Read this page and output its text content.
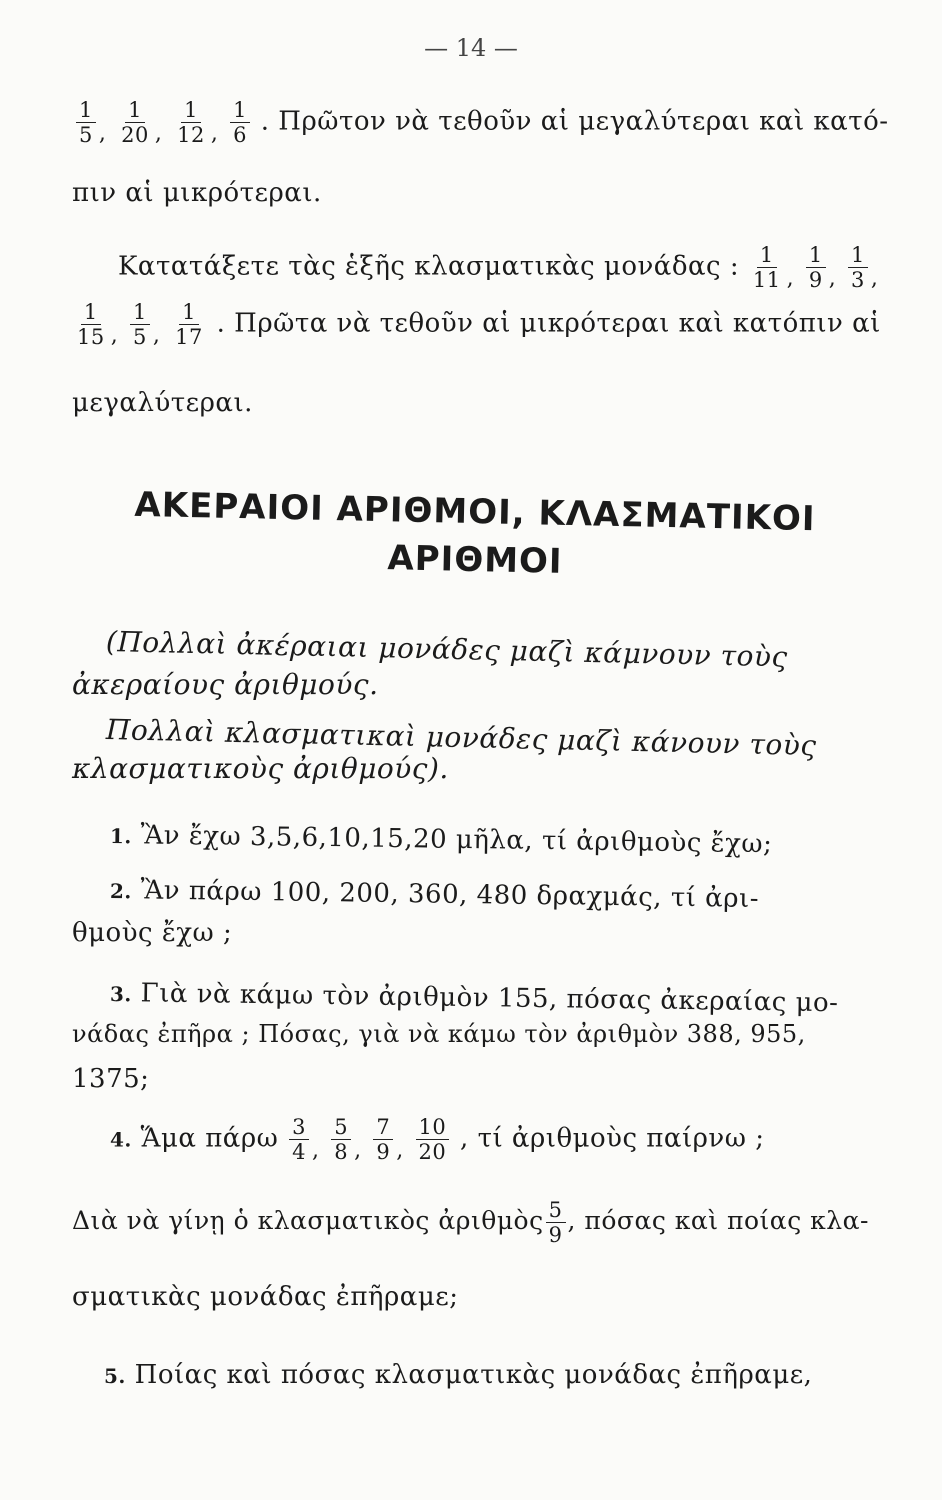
— 14 —
$\frac{1}{5} _, \frac{1}{20} _, \frac{1}{12} _, \frac{1}{6}$ . Πρῶτον νὰ τεθοῦν αἱ μεγαλύτεραι καὶ κατό-
πιν αἱ μικρότεραι.
Κατατάξετε τὰς ἑξῆς κλασματικὰς μονάδας : $\frac{1}{11} _, \frac{1}{9} _, \frac{1}{3} _,$
$\frac{1}{15} _, \frac{1}{5} _, \frac{1}{17}$ . Πρῶτα νὰ τεθοῦν αἱ μικρότεραι καὶ κατόπιν αἱ
μεγαλύτεραι.
ΑΚΕΡΑΙΟΙ ΑΡΙΘΜΟΙ, ΚΛΑΣΜΑΤΙΚΟΙ
ΑΡΙΘΜΟΙ
(Πολλαὶ ἀκέραιαι μονάδες μαζὶ κάμνουν τοὺς
ἀκεραίους ἀριθμούς.
Πολλαὶ κλασματικαὶ μονάδες μαζὶ κάνουν τοὺς
κλασματικοὺς ἀριθμούς).
1. Ἂν ἔχω 3,5,6,10,15,20 μῆλα, τί ἀριθμοὺς ἔχω;
2. Ἂν πάρω 100, 200, 360, 480 δραχμάς, τί ἀρι-
θμοὺς ἔχω ;
3. Γιὰ νὰ κάμω τὸν ἀριθμὸν 155, πόσας ἀκεραίας μο-
νάδας ἐπῆρα ; Πόσας, γιὰ νὰ κάμω τὸν ἀριθμὸν 388, 955,
1375;
4. Ἅμα πάρω $\frac{3}{4} _, \frac{5}{8} _, \frac{7}{9} _, \frac{10}{20}$ , τί ἀριθμοὺς παίρνω ;
Διὰ νὰ γίνῃ ὁ κλασματικὸς ἀριθμὸς $\frac{5}{9}$ , πόσας καὶ ποίας κλα-
σματικὰς μονάδας ἐπῆραμε;
5. Ποίας καὶ πόσας κλασματικὰς μονάδας ἐπῆραμε,
